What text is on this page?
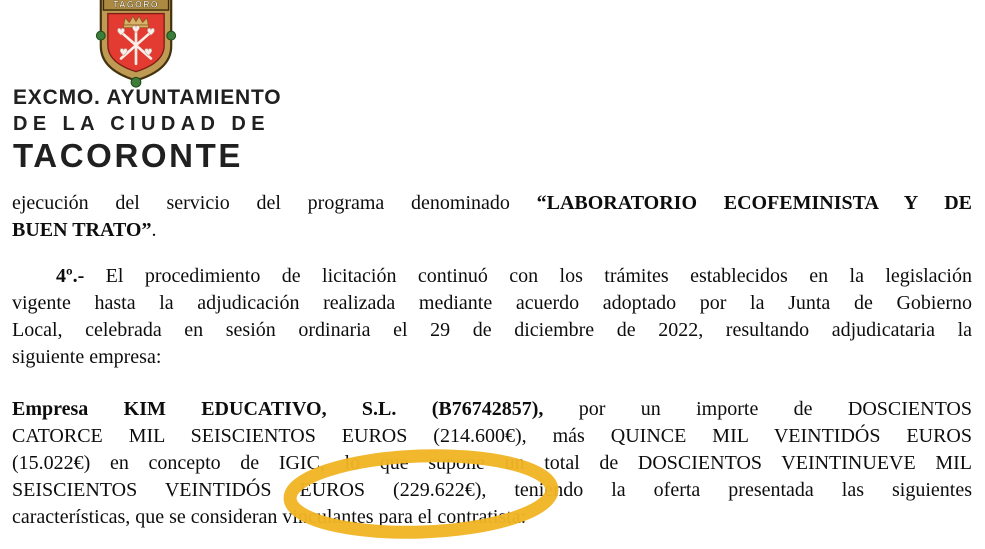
TAGORO
EXCMO. AYUNTAMIENTO
DE LA CIUDAD DE
TACORONTE
ejecución del servicio del programa denominado “LABORATORIO ECOFEMINISTA Y DE
BUEN TRATO”.
4º.- El procedimiento de licitación continuó con los trámites establecidos en la legislación
vigente hasta la adjudicación realizada mediante acuerdo adoptado por la Junta de Gobierno
Local, celebrada en sesión ordinaria el 29 de diciembre de 2022, resultando adjudicataria la
siguiente empresa:
Empresa KIM EDUCATIVO, S.L. (B76742857), por un importe de DOSCIENTOS
CATORCE MIL SEISCIENTOS EUROS (214.600€), más QUINCE MIL VEINTIDÓS EUROS
(15.022€) en concepto de IGIC, lo que supone un total de DOSCIENTOS VEINTINUEVE MIL
SEISCIENTOS VEINTIDÓS EUROS (229.622€), teniendo la oferta presentada las siguientes
características, que se consideran vinculantes para el contratista:
